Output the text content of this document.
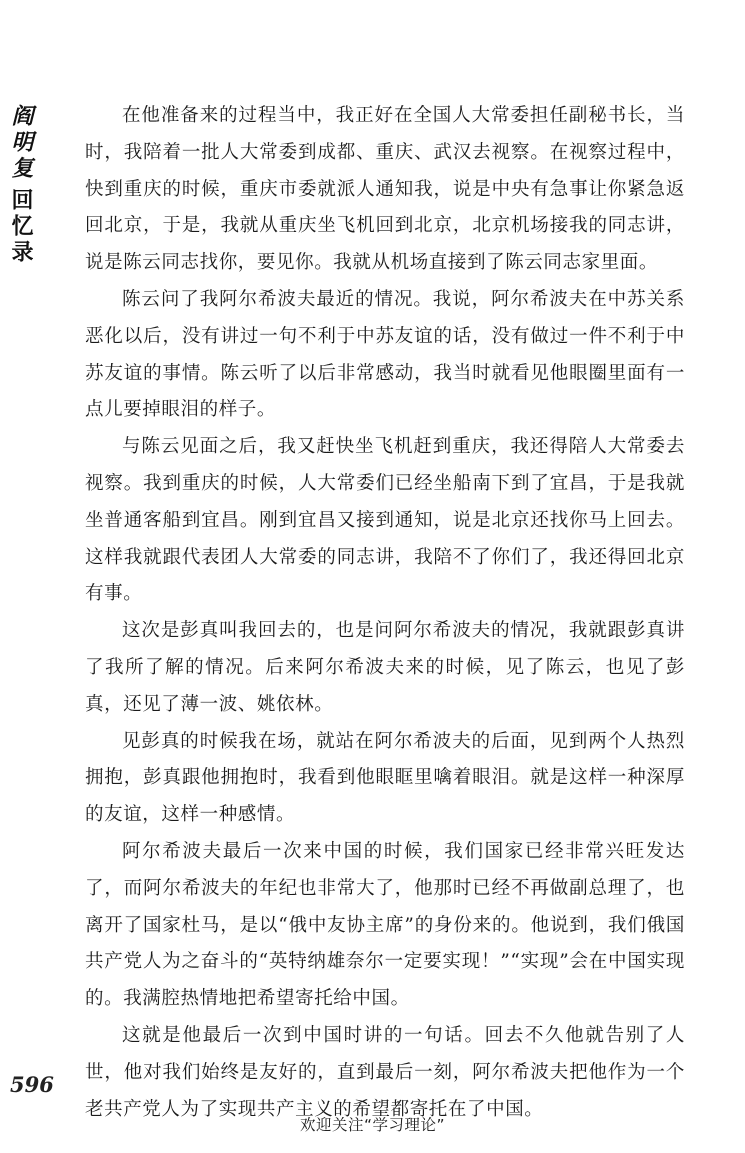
阎明复
回忆录

在他准备来的过程当中，我正好在全国人大常委担任副秘书长，当时，我陪着一批人大常委到成都、重庆、武汉去视察。在视察过程中，快到重庆的时候，重庆市委就派人通知我，说是中央有急事让你紧急返回北京，于是，我就从重庆坐飞机回到北京，北京机场接我的同志讲，说是陈云同志找你，要见你。我就从机场直接到了陈云同志家里面。

陈云问了我阿尔希波夫最近的情况。我说，阿尔希波夫在中苏关系恶化以后，没有讲过一句不利于中苏友谊的话，没有做过一件不利于中苏友谊的事情。陈云听了以后非常感动，我当时就看见他眼圈里面有一点儿要掉眼泪的样子。

与陈云见面之后，我又赶快坐飞机赶到重庆，我还得陪人大常委去视察。我到重庆的时候，人大常委们已经坐船南下到了宜昌，于是我就坐普通客船到宜昌。刚到宜昌又接到通知，说是北京还找你马上回去。这样我就跟代表团人大常委的同志讲，我陪不了你们了，我还得回北京有事。

这次是彭真叫我回去的，也是问阿尔希波夫的情况，我就跟彭真讲了我所了解的情况。后来阿尔希波夫来的时候，见了陈云，也见了彭真，还见了薄一波、姚依林。

见彭真的时候我在场，就站在阿尔希波夫的后面，见到两个人热烈拥抱，彭真跟他拥抱时，我看到他眼眶里噙着眼泪。就是这样一种深厚的友谊，这样一种感情。

阿尔希波夫最后一次来中国的时候，我们国家已经非常兴旺发达了，而阿尔希波夫的年纪也非常大了，他那时已经不再做副总理了，也离开了国家杜马，是以“俄中友协主席”的身份来的。他说到，我们俄国共产党人为之奋斗的“英特纳雄奈尔一定要实现！”“实现”会在中国实现的。我满腔热情地把希望寄托给中国。

这就是他最后一次到中国时讲的一句话。回去不久他就告别了人世，他对我们始终是友好的，直到最后一刻，阿尔希波夫把他作为一个老共产党人为了实现共产主义的希望都寄托在了中国。

596
欢迎关注“学习理论”
